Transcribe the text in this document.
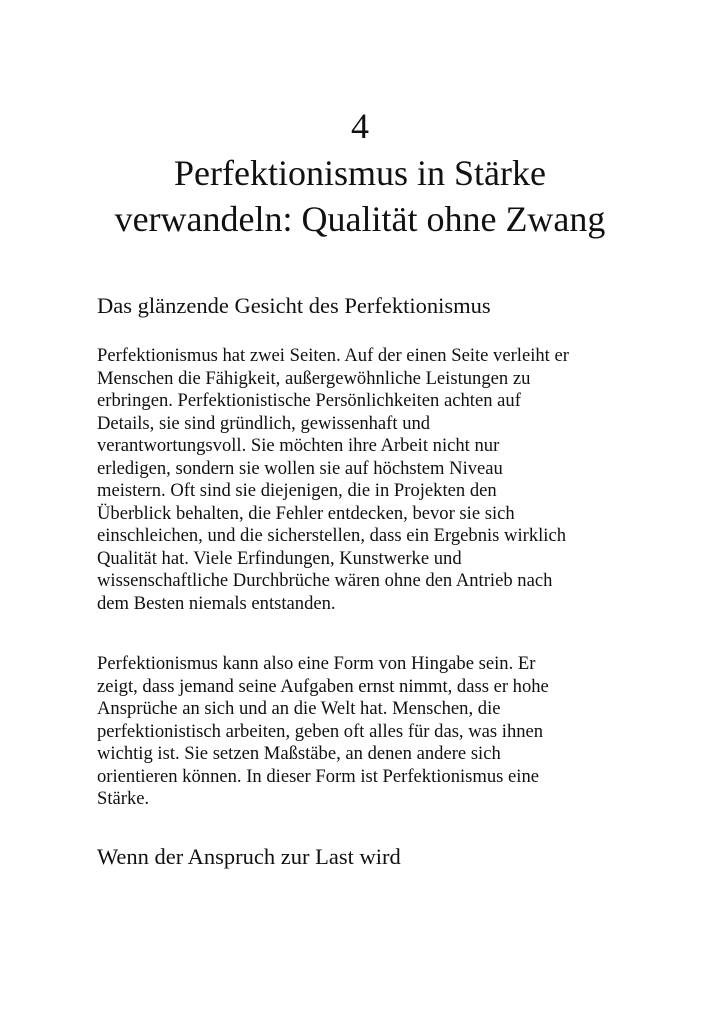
4
Perfektionismus in Stärke
verwandeln: Qualität ohne Zwang
Das glänzende Gesicht des Perfektionismus

Perfektionismus hat zwei Seiten. Auf der einen Seite verleiht er
Menschen die Fähigkeit, außergewöhnliche Leistungen zu
erbringen. Perfektionistische Persönlichkeiten achten auf
Details, sie sind gründlich, gewissenhaft und
verantwortungsvoll. Sie möchten ihre Arbeit nicht nur
erledigen, sondern sie wollen sie auf höchstem Niveau
meistern. Oft sind sie diejenigen, die in Projekten den
Überblick behalten, die Fehler entdecken, bevor sie sich
einschleichen, und die sicherstellen, dass ein Ergebnis wirklich
Qualität hat. Viele Erfindungen, Kunstwerke und
wissenschaftliche Durchbrüche wären ohne den Antrieb nach
dem Besten niemals entstanden.

Perfektionismus kann also eine Form von Hingabe sein. Er
zeigt, dass jemand seine Aufgaben ernst nimmt, dass er hohe
Ansprüche an sich und an die Welt hat. Menschen, die
perfektionistisch arbeiten, geben oft alles für das, was ihnen
wichtig ist. Sie setzen Maßstäbe, an denen andere sich
orientieren können. In dieser Form ist Perfektionismus eine
Stärke.

Wenn der Anspruch zur Last wird
